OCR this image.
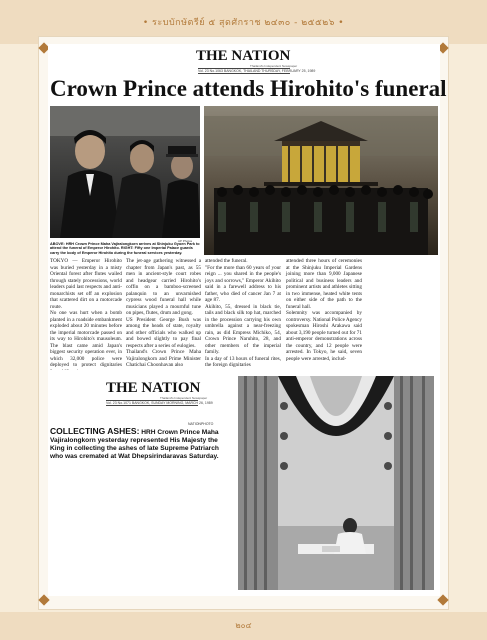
• ระบบักษัตรีย์ ๕ สุดศักราช ๒๔๓๐ - ๒๕๕๒๖ •
๒๐๔
THE NATION
Thailand's Independent Newspaper
Vol. 23 No.1063 BANGKOK, THAILAND THURSDAY, FEBRUARY 25, 1989
Crown Prince attends Hirohito's funeral
AP Photos
ABOVE: HRH Crown Prince Maha Vajiralongkorn arrives at Shinjuku Gyoen Park to attend the funeral of Emperor Hirohito. RIGHT: Fifty one Imperial Palace guards carry the body of Emperor Hirohito during the funeral services yesterday.
TOKYO — Emperor Hirohito was buried yesterday in a misty Oriental forest after flutes wailed through stately processions, world leaders paid last respects and anti-monarchists set off an explosion that scattered dirt on a motorcade route.
No one was hurt when a bomb planted in a roadside embankment exploded about 20 minutes before the imperial motorcade passed on its way to Hirohito's mausoleum. The blast came amid Japan's biggest security operation ever, in which 32,000 police were deployed to protect dignitaries
The jet-age gathering witnessed a chapter from Japan's past, as 55 men in ancient-style court robes and headgear carried Hirohito's coffin on a bamboo-screened palanquin to an unvarnished cypress wood funeral hall while musicians played a mournful tune on pipes, flutes, drum and gong.
US President George Bush was among the heads of state, royalty and other officials who walked up and bowed slightly to pay final respects after a series of eulogies.
Thailand's Crown Prince Maha Vajiralongkorn and Prime Minister Chatichai Choonhavan also
attended the funeral.
"For the more than 60 years of your reign ... you shared in the people's joys and sorrows," Emperor Akihito said in a farewell address to his father, who died of cancer Jan 7 at age 87.
Akihito, 55, dressed in black tie, tails and black silk top hat, marched in the procession carrying his own umbrella against a near-freezing rain, as did Empress Michiko, 54, Crown Prince Naruhito, 28, and other members of the imperial family.
In a day of 13 hours of funeral rites, the foreign dignitaries
attended three hours of ceremonies at the Shinjuku Imperial Gardens joining more than 9,000 Japanese political and business leaders and prominent artists and athletes sitting in two immense, heated white tents on either side of the path to the funeral hall.
Solemnity was accompanied by controversy. National Police Agency spokesman Hiroshi Arakawa said about 3,190 people turned out for 71 anti-emperor demonstrations across the country, and 12 people were arrested. In Tokyo, he said, seven people were arrested, includ-
THE NATION
Thailand's Independent Newspaper
Vol. 23 No.1071 BANGKOK, SUNDAY MORNING, MARCH 26, 1989
NATIONPHOTO
COLLECTING ASHES: HRH Crown Prince Maha Vajiralongkorn yesterday represented His Majesty the King in collecting the ashes of late Supreme Patriarch who was cremated at Wat Dhepsirindaravas Saturday.
